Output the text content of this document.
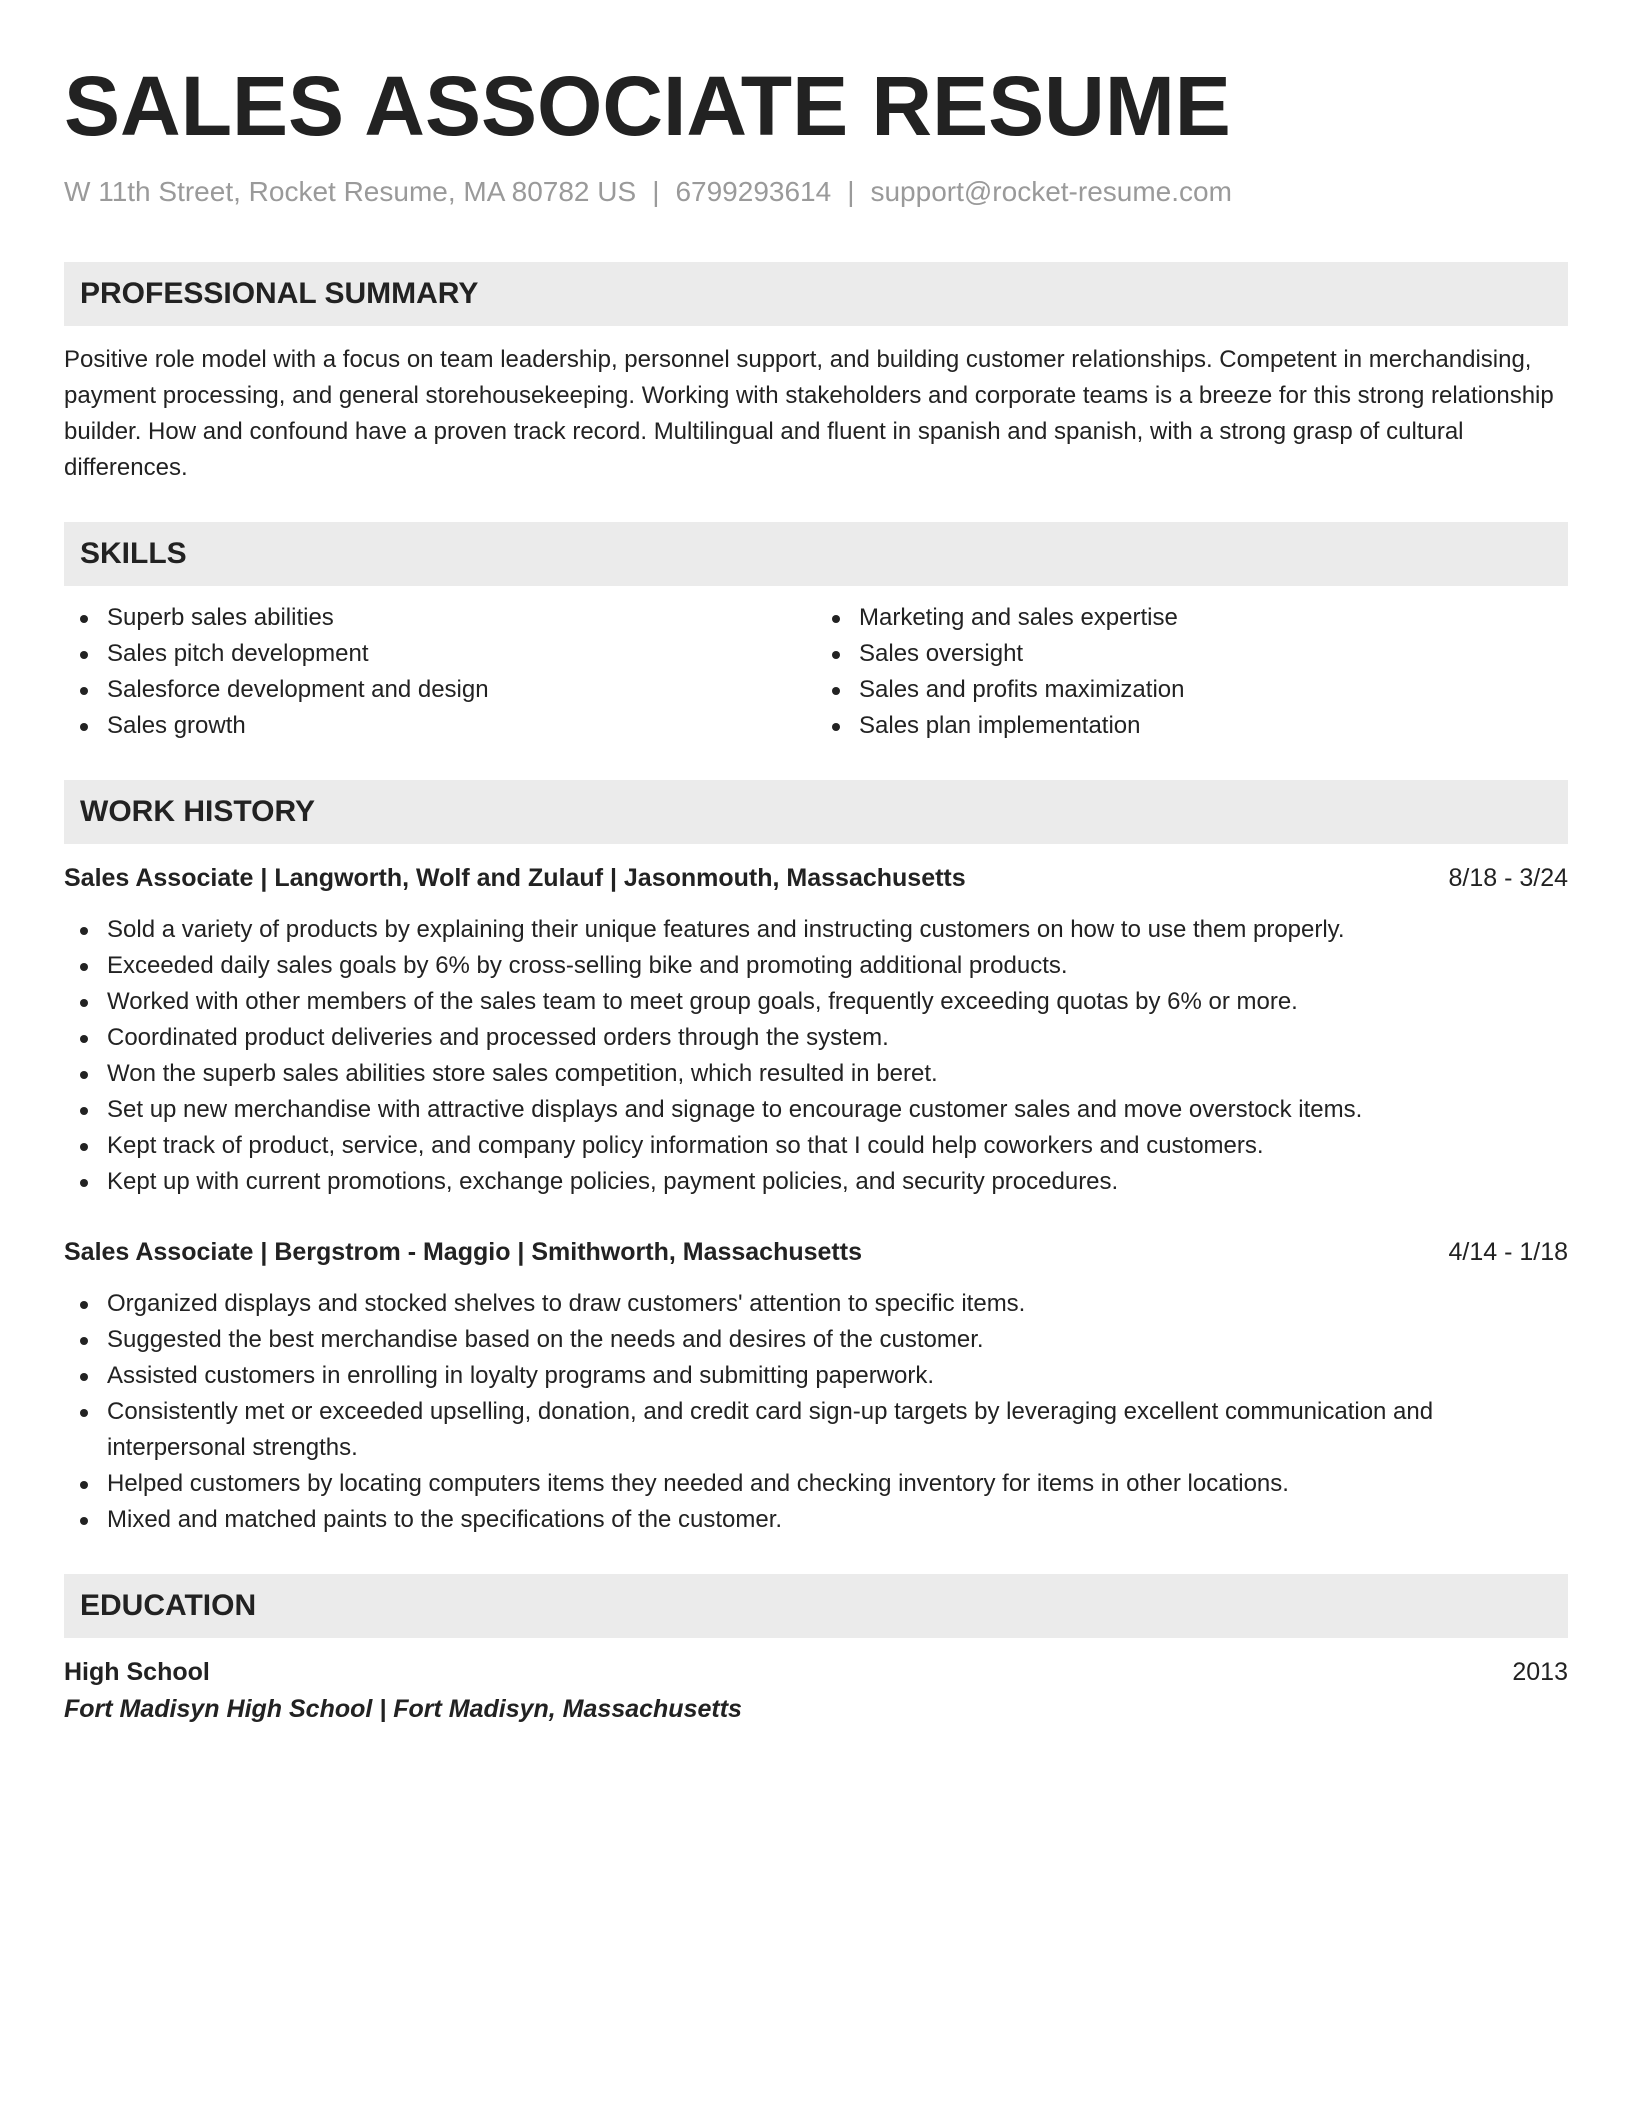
SALES ASSOCIATE RESUME
W 11th Street, Rocket Resume, MA 80782 US | 6799293614 | support@rocket-resume.com
PROFESSIONAL SUMMARY
Positive role model with a focus on team leadership, personnel support, and building customer relationships. Competent in merchandising, payment processing, and general storehousekeeping. Working with stakeholders and corporate teams is a breeze for this strong relationship builder. How and confound have a proven track record. Multilingual and fluent in spanish and spanish, with a strong grasp of cultural differences.
SKILLS
Superb sales abilities
Sales pitch development
Salesforce development and design
Sales growth
Marketing and sales expertise
Sales oversight
Sales and profits maximization
Sales plan implementation
WORK HISTORY
Sales Associate | Langworth, Wolf and Zulauf | Jasonmouth, Massachusetts	8/18 - 3/24
Sold a variety of products by explaining their unique features and instructing customers on how to use them properly.
Exceeded daily sales goals by 6% by cross-selling bike and promoting additional products.
Worked with other members of the sales team to meet group goals, frequently exceeding quotas by 6% or more.
Coordinated product deliveries and processed orders through the system.
Won the superb sales abilities store sales competition, which resulted in beret.
Set up new merchandise with attractive displays and signage to encourage customer sales and move overstock items.
Kept track of product, service, and company policy information so that I could help coworkers and customers.
Kept up with current promotions, exchange policies, payment policies, and security procedures.
Sales Associate | Bergstrom - Maggio | Smithworth, Massachusetts	4/14 - 1/18
Organized displays and stocked shelves to draw customers' attention to specific items.
Suggested the best merchandise based on the needs and desires of the customer.
Assisted customers in enrolling in loyalty programs and submitting paperwork.
Consistently met or exceeded upselling, donation, and credit card sign-up targets by leveraging excellent communication and interpersonal strengths.
Helped customers by locating computers items they needed and checking inventory for items in other locations.
Mixed and matched paints to the specifications of the customer.
EDUCATION
High School	2013
Fort Madisyn High School | Fort Madisyn, Massachusetts
